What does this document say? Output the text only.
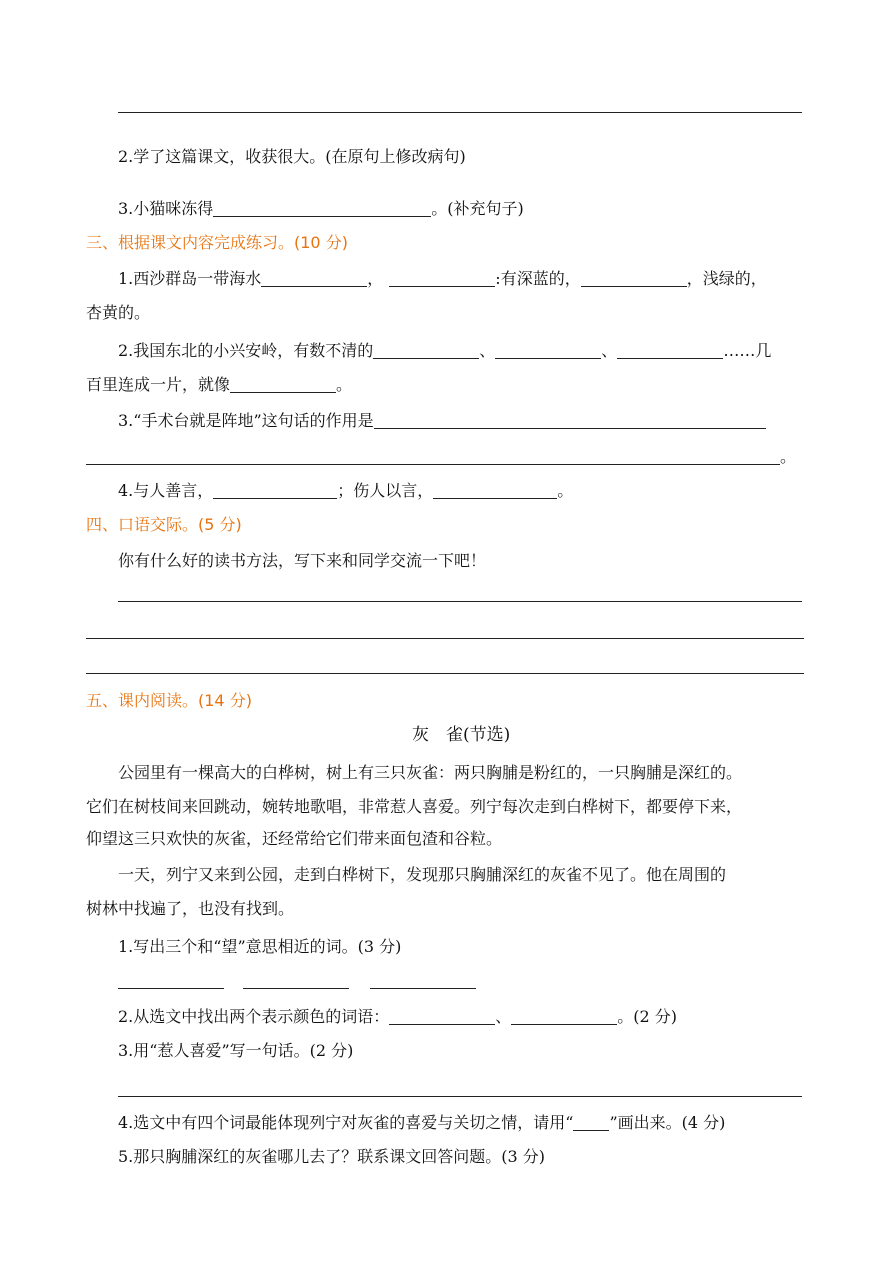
2.学了这篇课文，收获很大。(在原句上修改病句)
3.小猫咪冻得	。(补充句子)
三、根据课文内容完成练习。(10 分)
1.西沙群岛一带海水	，	:有深蓝的，	，浅绿的，
杏黄的。
2.我国东北的小兴安岭，有数不清的	、	、	……几
百里连成一片，就像	。
3.“手术台就是阵地”这句话的作用是
。
4.与人善言，	；伤人以言，	。
四、口语交际。(5 分)
你有什么好的读书方法，写下来和同学交流一下吧！
五、课内阅读。(14 分)
灰　雀(节选)
公园里有一棵高大的白桦树，树上有三只灰雀：两只胸脯是粉红的，一只胸脯是深红的。
它们在树枝间来回跳动，婉转地歌唱，非常惹人喜爱。列宁每次走到白桦树下，都要停下来，
仰望这三只欢快的灰雀，还经常给它们带来面包渣和谷粒。
一天，列宁又来到公园，走到白桦树下，发现那只胸脯深红的灰雀不见了。他在周围的
树林中找遍了，也没有找到。
1.写出三个和“望”意思相近的词。(3 分)
2.从选文中找出两个表示颜色的词语：	、	。(2 分)
3.用“惹人喜爱”写一句话。(2 分)
4.选文中有四个词最能体现列宁对灰雀的喜爱与关切之情，请用“ ”画出来。(4 分)
5.那只胸脯深红的灰雀哪儿去了？联系课文回答问题。(3 分)
